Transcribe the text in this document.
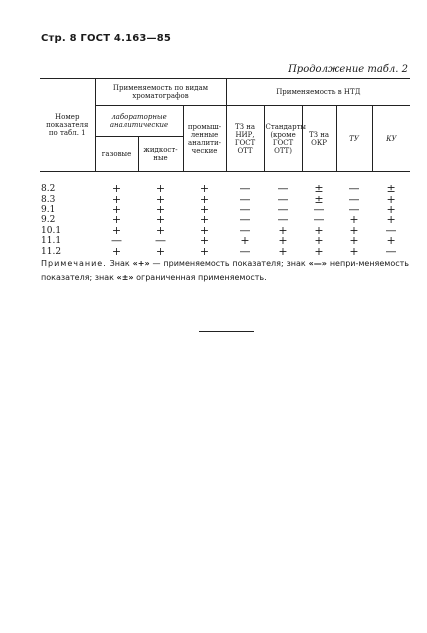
Стр. 8 ГОСТ 4.163—85
Продолжение табл. 2
Номер показателя по табл. 1	Применяемость по видам хроматографов			Применяемость в НТД				
	лабораторные аналитические		промыш-ленные аналити-ческие	ТЗ на НИР, ГОСТ ОТТ	Стандарты (кроме ГОСТ ОТТ)	ТЗ на ОКР	ТУ	КУ
	газовые	жидкост-ные						
8.2	+	+	+	—	—	±	—	±
8.3	+	+	+	—	—	±	—	+
9.1	+	+	+	—	—	—	—	+
9.2	+	+	+	—	—	—	+	+
10.1	+	+	+	—	+	+	+	—
11.1	—	—	+	+	+	+	+	+
11.2	+	+	+	—	+	+	+	—
Примечание. Знак «+» — применяемость показателя; знак «—» непри-меняемость показателя; знак «±» ограниченная применяемость.
